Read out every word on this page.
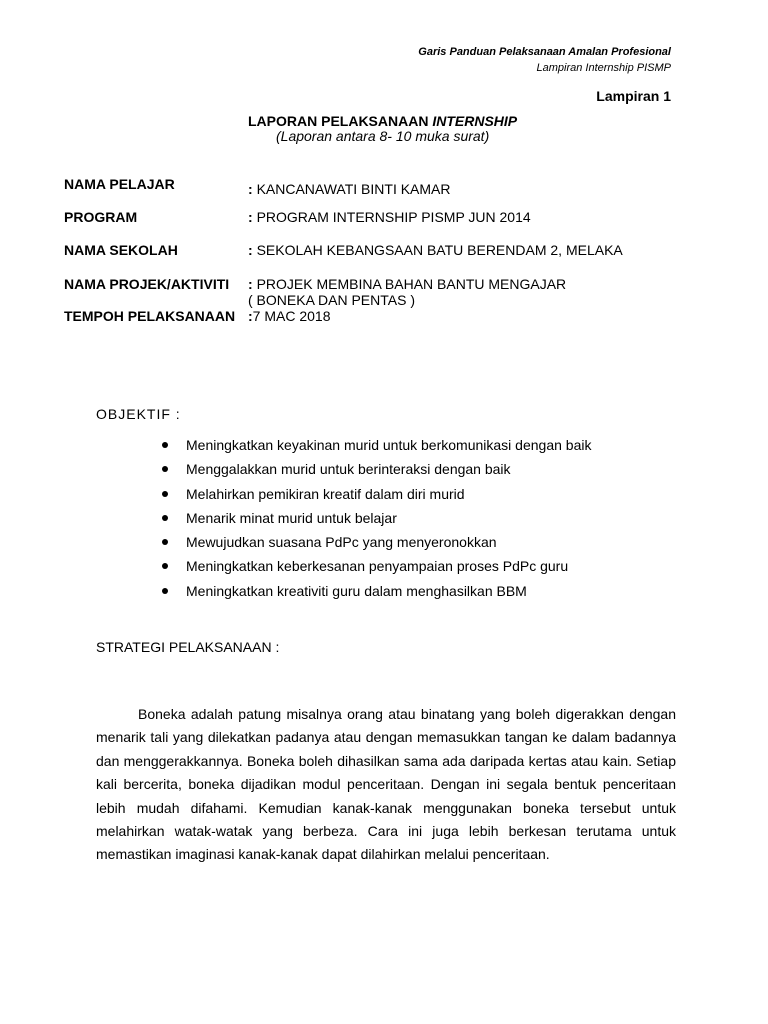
Garis Panduan Pelaksanaan Amalan Profesional
Lampiran Internship PISMP
Lampiran 1
LAPORAN PELAKSANAAN INTERNSHIP
(Laporan antara 8- 10 muka surat)
NAMA PELAJAR	: KANCANAWATI BINTI KAMAR
PROGRAM	: PROGRAM INTERNSHIP PISMP JUN 2014
NAMA SEKOLAH	: SEKOLAH KEBANGSAAN BATU BERENDAM 2, MELAKA
NAMA PROJEK/AKTIVITI : PROJEK MEMBINA BAHAN BANTU MENGAJAR
( BONEKA DAN PENTAS )
TEMPOH PELAKSANAAN :7 MAC 2018
OBJEKTIF :
Meningkatkan keyakinan murid untuk berkomunikasi dengan baik
Menggalakkan murid untuk berinteraksi dengan baik
Melahirkan pemikiran kreatif dalam diri murid
Menarik minat murid untuk belajar
Mewujudkan suasana PdPc yang menyeronokkan
Meningkatkan keberkesanan penyampaian proses PdPc guru
Meningkatkan kreativiti guru dalam menghasilkan BBM
STRATEGI PELAKSANAAN :

Boneka adalah patung misalnya orang atau binatang yang boleh digerakkan dengan menarik tali yang dilekatkan padanya atau dengan memasukkan tangan ke dalam badannya dan menggerakkannya. Boneka boleh dihasilkan sama ada daripada kertas atau kain. Setiap kali bercerita, boneka dijadikan modul penceritaan. Dengan ini segala bentuk penceritaan lebih mudah difahami. Kemudian kanak-kanak menggunakan boneka tersebut untuk melahirkan watak-watak yang berbeza. Cara ini juga lebih berkesan terutama untuk memastikan imaginasi kanak-kanak dapat dilahirkan melalui penceritaan.
